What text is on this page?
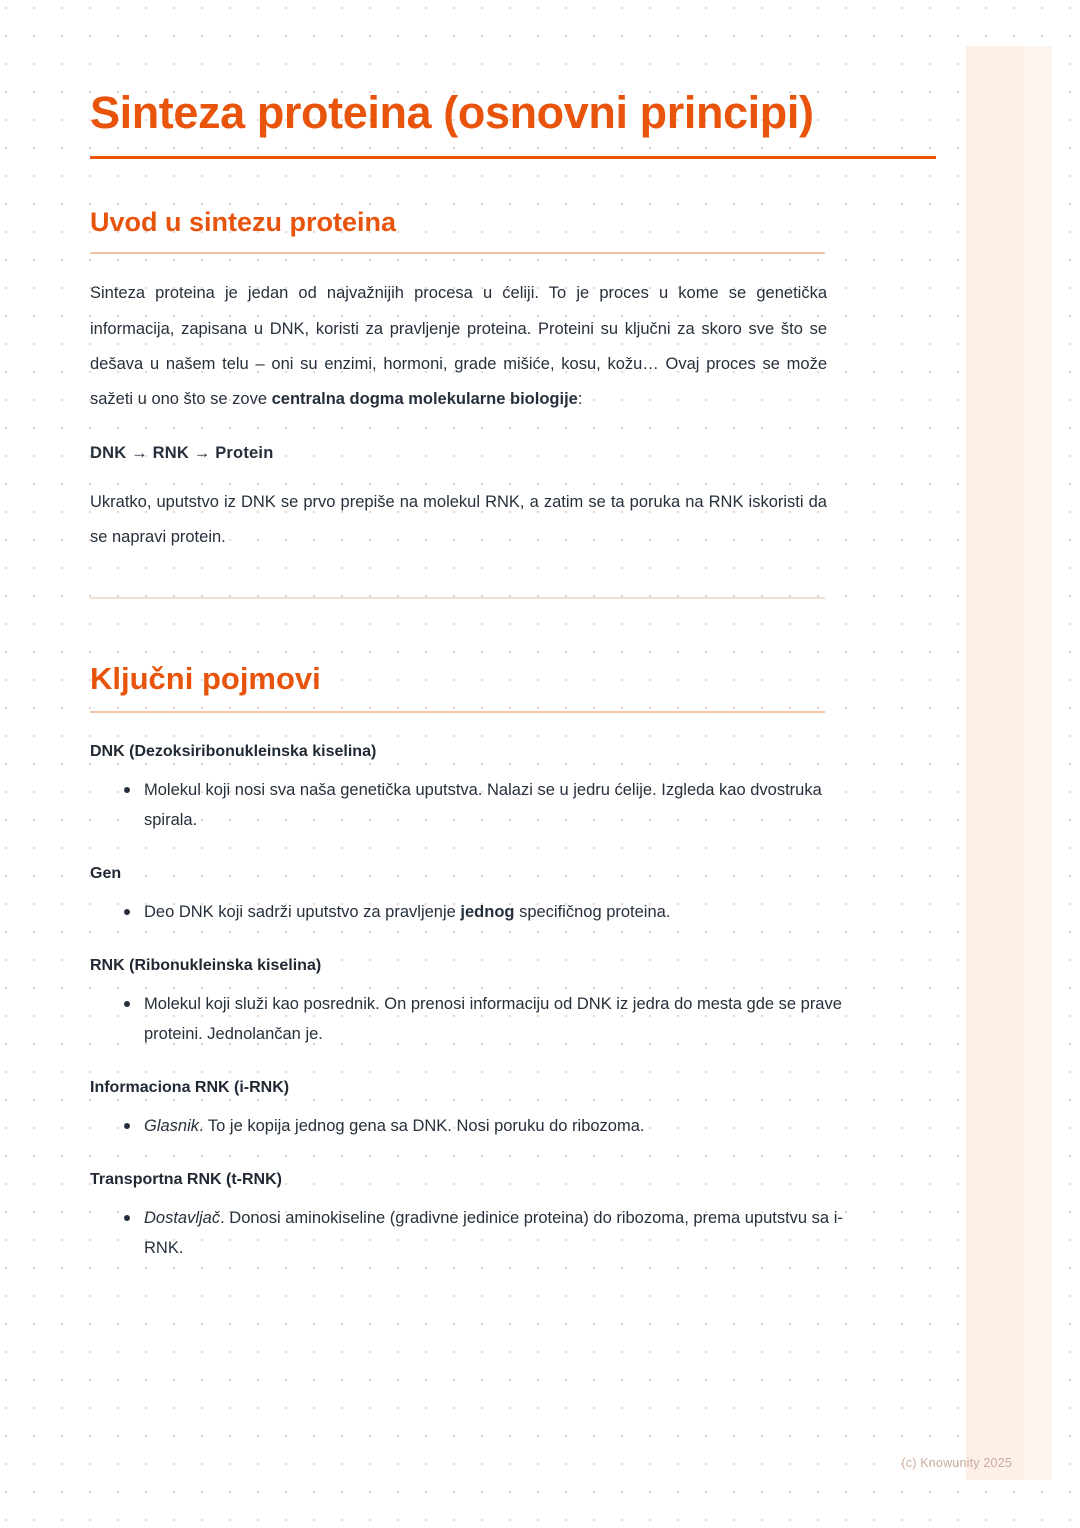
Sinteza proteina (osnovni principi)
Uvod u sintezu proteina

Sinteza proteina je jedan od najvažnijih procesa u ćeliji. To je proces u kome se genetička informacija, zapisana u DNK, koristi za pravljenje proteina. Proteini su ključni za skoro sve što se dešava u našem telu – oni su enzimi, hormoni, grade mišiće, kosu, kožu… Ovaj proces se može sažeti u ono što se zove centralna dogma molekularne biologije:

DNK → RNK → Protein

Ukratko, uputstvo iz DNK se prvo prepiše na molekul RNK, a zatim se ta poruka na RNK iskoristi da se napravi protein.

Ključni pojmovi
DNK (Dezoksiribonukleinska kiselina)
Molekul koji nosi sva naša genetička uputstva. Nalazi se u jedru ćelije. Izgleda kao dvostruka spirala.
Gen
Deo DNK koji sadrži uputstvo za pravljenje jednog specifičnog proteina.
RNK (Ribonukleinska kiselina)
Molekul koji služi kao posrednik. On prenosi informaciju od DNK iz jedra do mesta gde se prave proteini. Jednolančan je.
Informaciona RNK (i-RNK)
Glasnik. To je kopija jednog gena sa DNK. Nosi poruku do ribozoma.
Transportna RNK (t-RNK)
Dostavljač. Donosi aminokiseline (gradivne jedinice proteina) do ribozoma, prema uputstvu sa i-RNK.
(c) Knowunity 2025
